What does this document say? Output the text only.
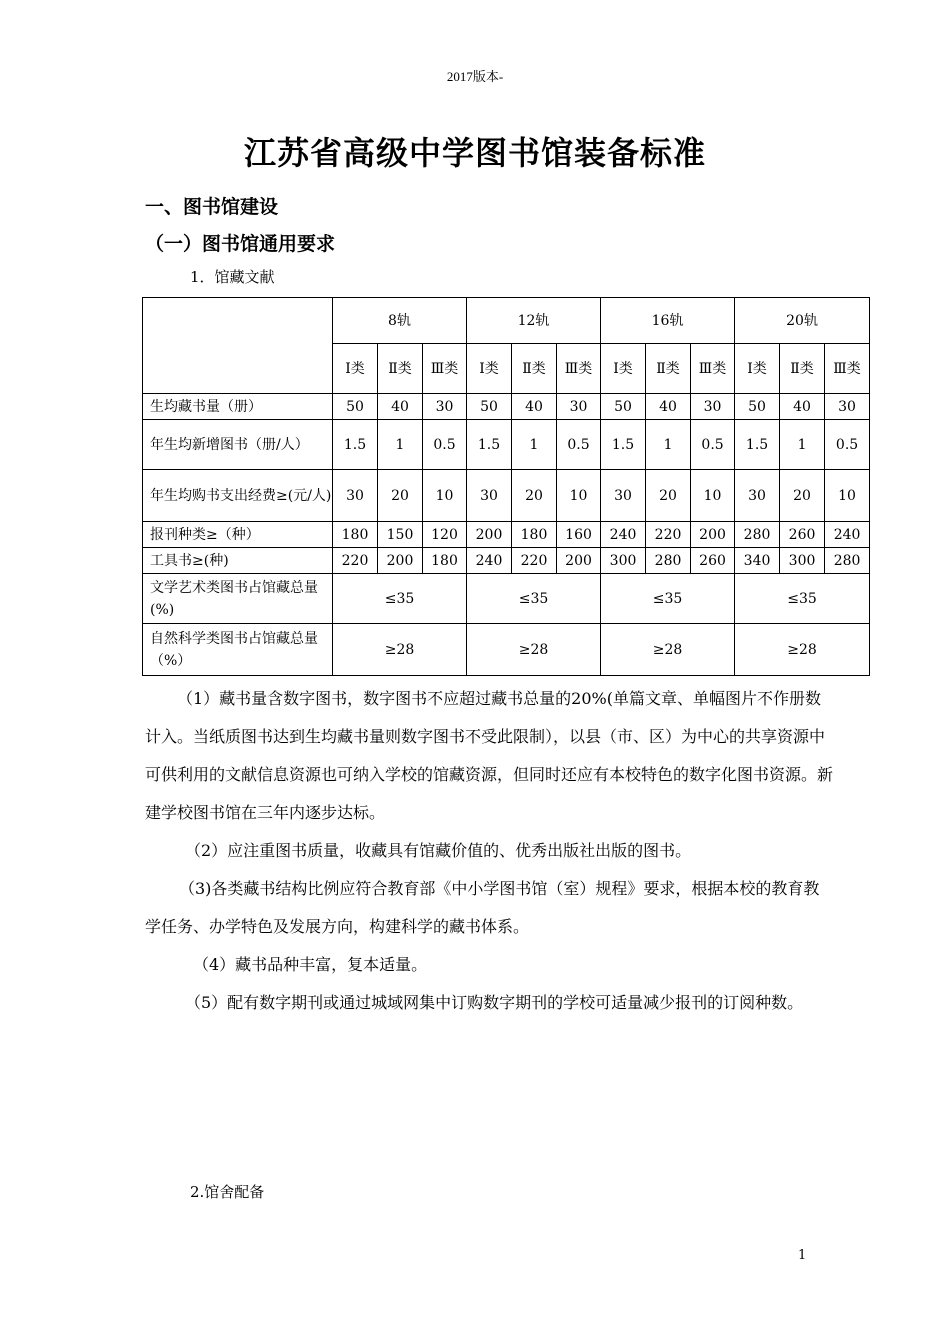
2017版本-
江苏省高级中学图书馆装备标准
一、图书馆建设
（一）图书馆通用要求
1．馆藏文献
	8轨			12轨			16轨			20轨		
	Ⅰ类	Ⅱ类	Ⅲ类	Ⅰ类	Ⅱ类	Ⅲ类	Ⅰ类	Ⅱ类	Ⅲ类	Ⅰ类	Ⅱ类	Ⅲ类
生均藏书量（册）	50	40	30	50	40	30	50	40	30	50	40	30
年生均新增图书（册/人）	1.5	1	0.5	1.5	1	0.5	1.5	1	0.5	1.5	1	0.5
年生均购书支出经费≥(元/人)	30	20	10	30	20	10	30	20	10	30	20	10
报刊种类≥（种）	180	150	120	200	180	160	240	220	200	280	260	240
工具书≥(种)	220	200	180	240	220	200	300	280	260	340	300	280
文学艺术类图书占馆藏总量(%)	≤35			≤35			≤35			≤35		
自然科学类图书占馆藏总量（%）	≥28			≥28			≥28			≥28		

（1）藏书量含数字图书，数字图书不应超过藏书总量的20%(单篇文章、单幅图片不作册数计入。当纸质图书达到生均藏书量则数字图书不受此限制），以县（市、区）为中心的共享资源中可供利用的文献信息资源也可纳入学校的馆藏资源，但同时还应有本校特色的数字化图书资源。新建学校图书馆在三年内逐步达标。

（2）应注重图书质量，收藏具有馆藏价值的、优秀出版社出版的图书。

（3)各类藏书结构比例应符合教育部《中小学图书馆（室）规程》要求，根据本校的教育教学任务、办学特色及发展方向，构建科学的藏书体系。

（4）藏书品种丰富，复本适量。

（5）配有数字期刊或通过城域网集中订购数字期刊的学校可适量减少报刊的订阅种数。

2.馆舍配备
1
